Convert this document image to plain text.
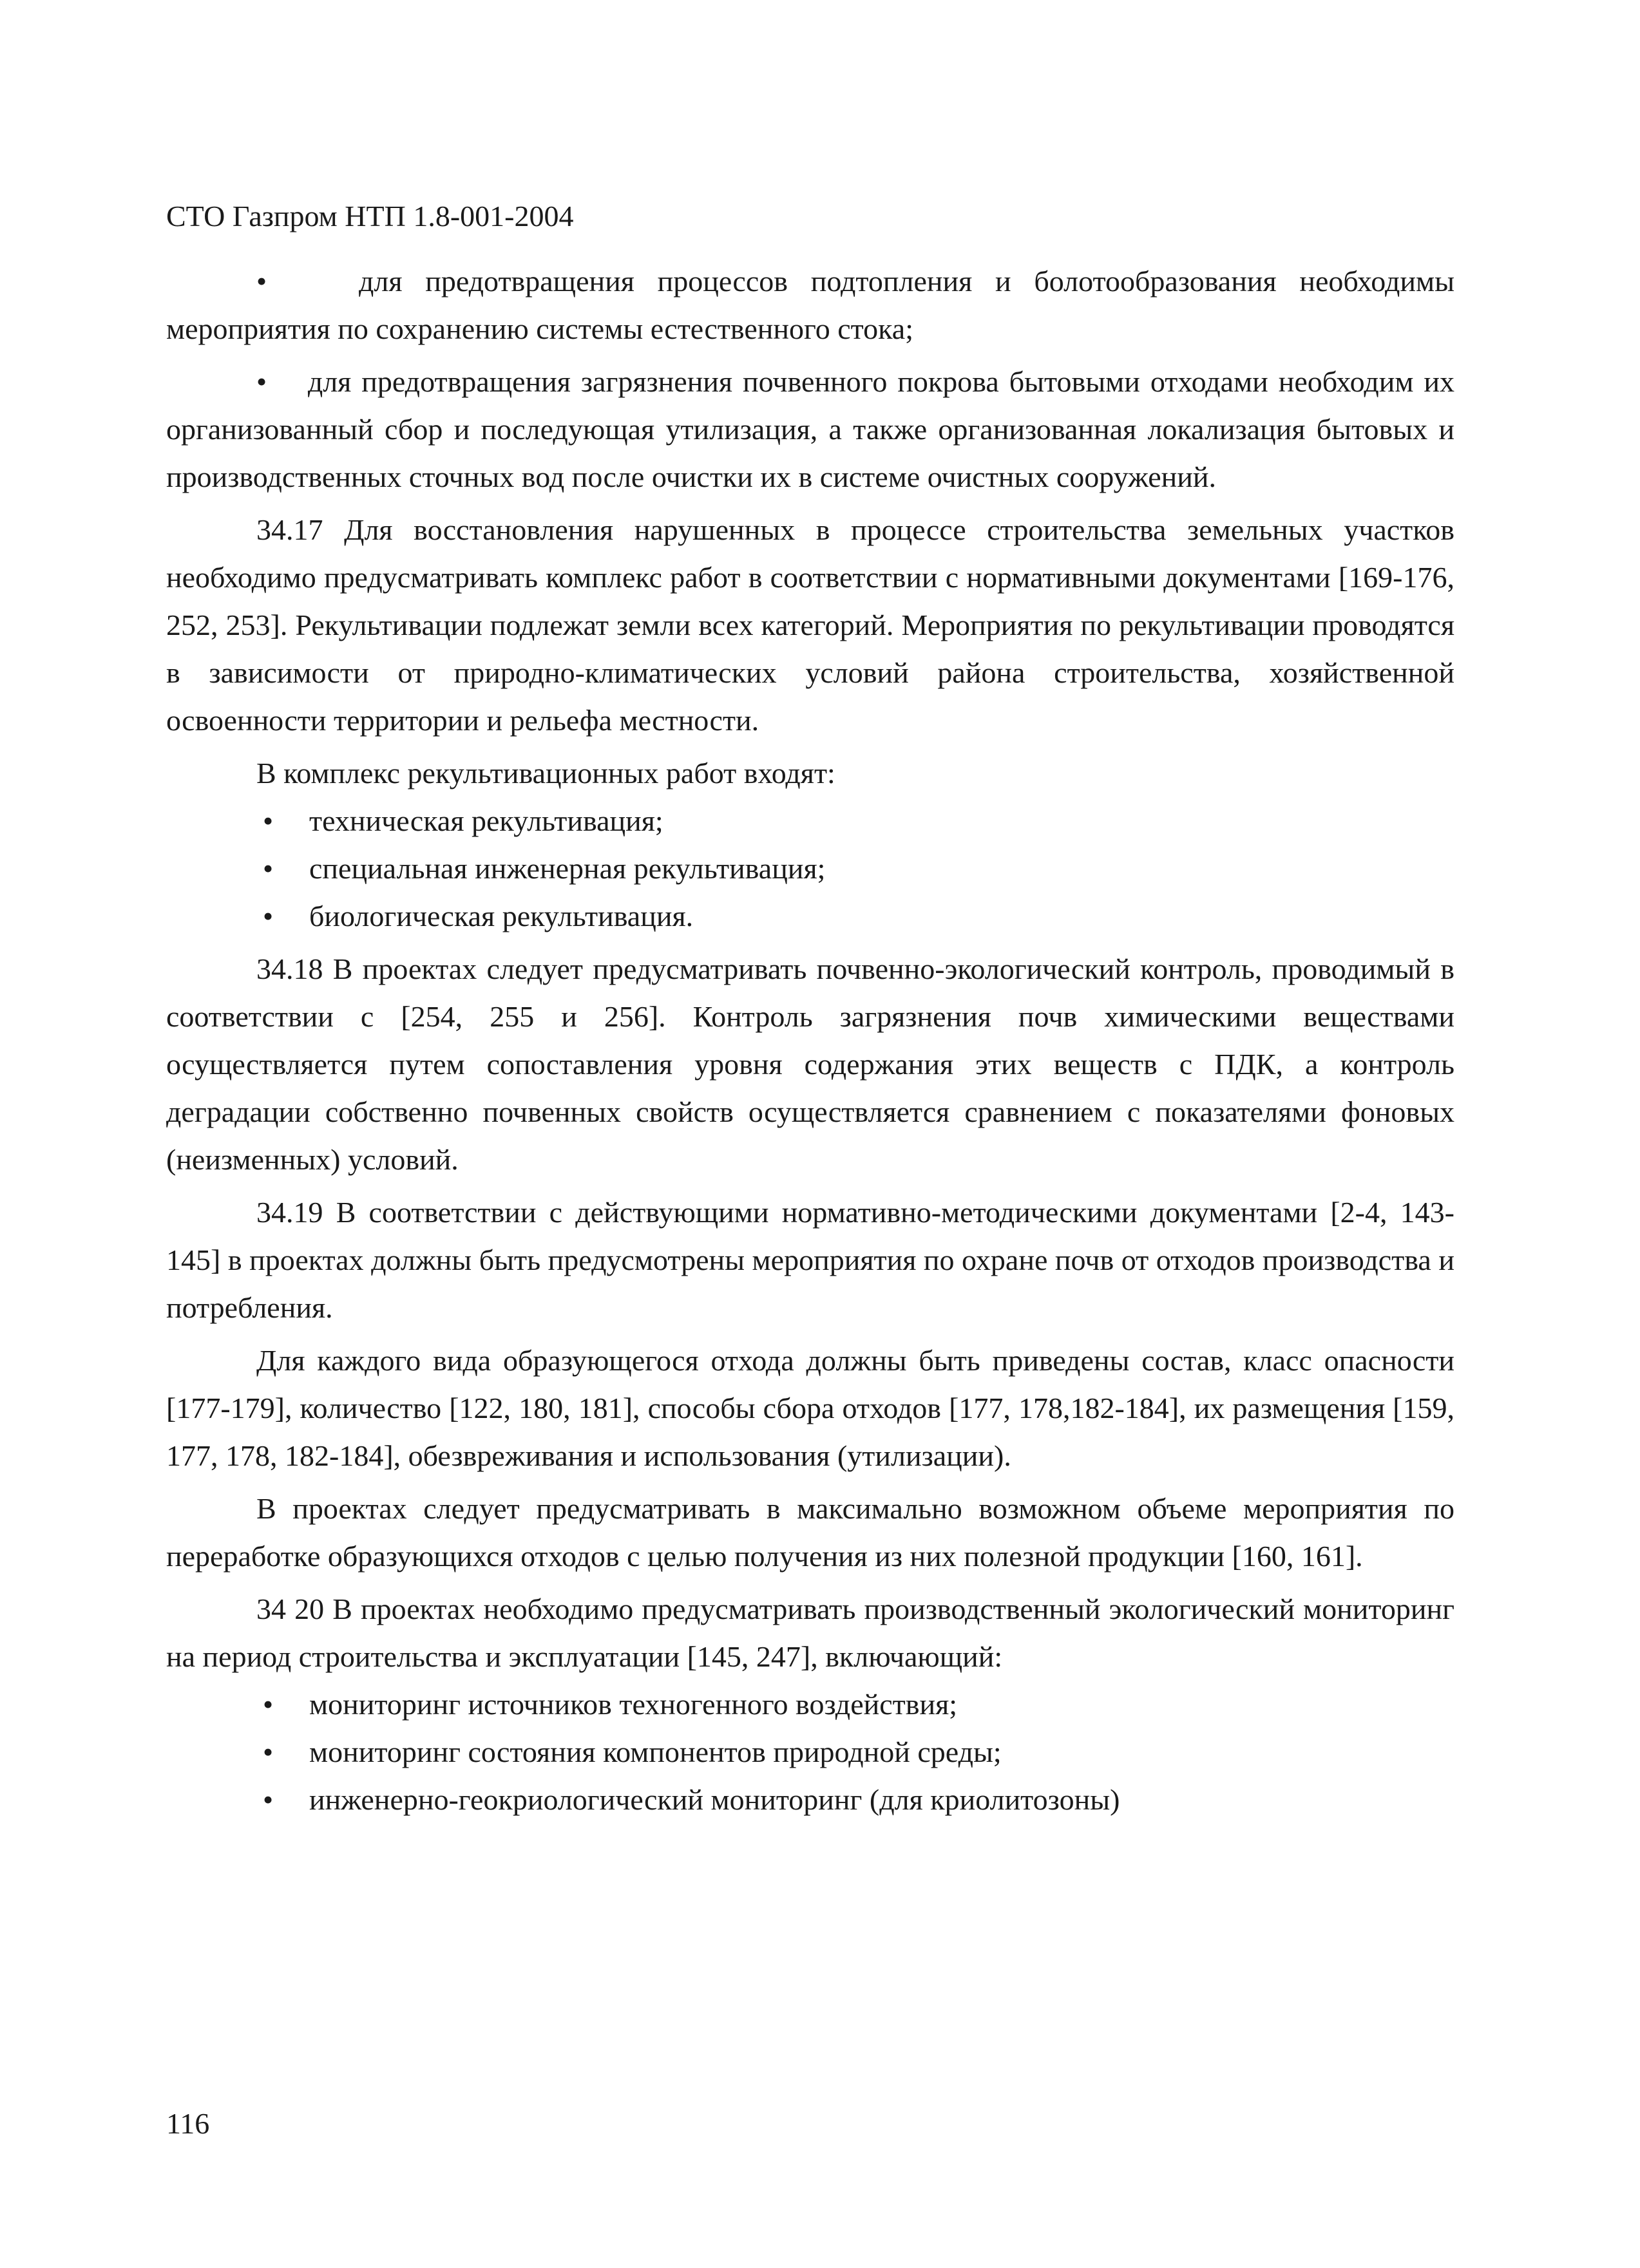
СТО Газпром НТП 1.8-001-2004

•	для предотвращения процессов подтопления и болотообразования необходимы мероприятия по сохранению системы естественного стока;

• для предотвращения загрязнения почвенного покрова бытовыми отходами необходим их организованный сбор и последующая утилизация, а также организованная локализация бытовых и производственных сточных вод после очистки их в системе очистных сооружений.

34.17 Для восстановления нарушенных в процессе строительства земельных участков необходимо предусматривать комплекс работ в соответствии с нормативными документами [169-176, 252, 253]. Рекультивации подлежат земли всех категорий. Мероприятия по рекультивации проводятся в зависимости от природно-климатических условий района строительства, хозяйственной освоенности территории и рельефа местности.

В комплекс рекультивационных работ входят:

• техническая рекультивация;

• специальная инженерная рекультивация;

• биологическая рекультивация.

34.18 В проектах следует предусматривать почвенно-экологический контроль, проводимый в соответствии с [254, 255 и 256]. Контроль загрязнения почв химическими веществами осуществляется путем сопоставления уровня содержания этих веществ с ПДК, а контроль деградации собственно почвенных свойств осуществляется сравнением с показателями фоновых (неизменных) условий.

34.19 В соответствии с действующими нормативно-методическими документами [2-4, 143-145] в проектах должны быть предусмотрены мероприятия по охране почв от отходов производства и потребления.

Для каждого вида образующегося отхода должны быть приведены состав, класс опасности [177-179], количество [122, 180, 181], способы сбора отходов [177, 178,182-184], их размещения [159, 177, 178, 182-184], обезвреживания и использования (утилизации).

В проектах следует предусматривать в максимально возможном объеме мероприятия по переработке образующихся отходов с целью получения из них полезной продукции [160, 161].

34 20 В проектах необходимо предусматривать производственный экологический мониторинг на период строительства и эксплуатации [145, 247], включающий:

• мониторинг источников техногенного воздействия;

• мониторинг состояния компонентов природной среды;

• инженерно-геокриологический мониторинг (для криолитозоны)

116
